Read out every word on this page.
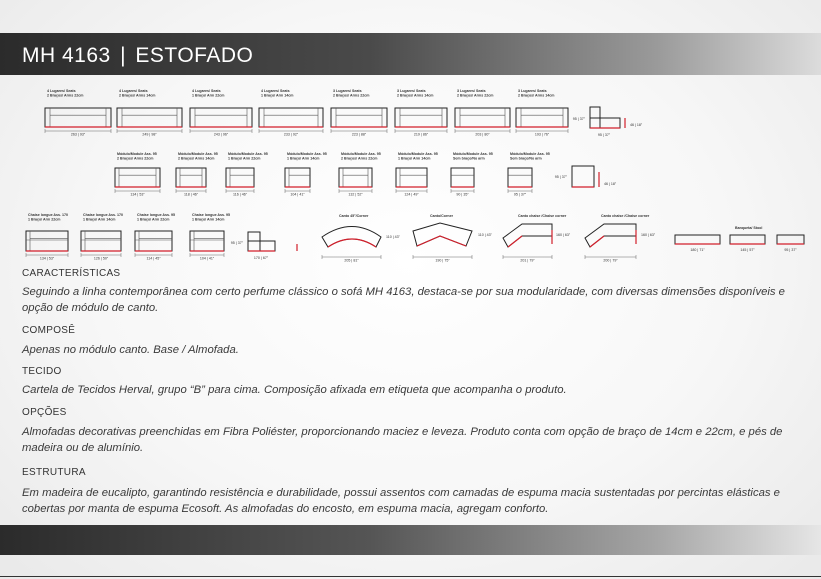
MH 4163 | ESTOFADO
4 Lugares/ Seats
2 Braços/ Arms 22cm
263 | 93"
4 Lugares/ Seats
2 Braços/ Arms 14cm
249 | 98"
4 Lugares/ Seats
1 Braço/ Arm 22cm
243 | 96"
4 Lugares/ Seats
1 Braço/ Arm 14cm
233 | 92"
3 Lugares/ Seats
2 Braços/ Arms 22cm
223 | 88"
3 Lugares/ Seats
2 Braços/ Arms 14cm
219 | 86"
3 Lugares/ Seats
2 Braços/ Arms 22cm
203 | 80"
3 Lugares/ Seats
2 Braços/ Arms 14cm
193 | 76"
95 | 37"
95 | 37"
46 | 18"
Módulo/Module Ass. 95
2 Braços/ Arms 22cm
134 | 53"
Módulo/Module Ass. 95
2 Braços/ Arms 14cm
118 | 46"
Módulo/Module Ass. 95
1 Braço/ Arm 22cm
116 | 46"
Módulo/Module Ass. 95
1 Braço/ Arm 14cm
104 | 41"
Módulo/Module Ass. 95
2 Braços/ Arms 22cm
132 | 52"
Módulo/Module Ass. 95
1 Braço/ Arm 14cm
124 | 49"
Módulo/Module Ass. 95
Sem braço/No arm
90 | 35"
Módulo/Module Ass. 95
Sem braço/No arm
95 | 37"
95 | 37"
46 | 18"
Chaise longue Ass. 170
1 Braço/ Arm 22cm
134 | 53"
Chaise longue Ass. 170
1 Braço/ Arm 14cm
126 | 50"
Chaise longue Ass. 95
1 Braço/ Arm 22cm
114 | 45"
Chaise longue Ass. 95
1 Braço/ Arm 14cm
104 | 41"
95 | 37"
170 | 67"
Canto 45°/Corner
110 | 43"
205 | 81"
Canto/Corner
110 | 43"
190 | 75"
Canto chaise /Chaise corner
160 | 63"
201 | 79"
Canto chaise /Chaise corner
160 | 63"
200 | 79"
Banqueta/ Stool
180 | 71"	145 | 57"	95 | 37"
CARACTERÍSTICAS
Seguindo a linha contemporânea com certo perfume clássico o sofá MH 4163, destaca-se por sua modularidade, com diversas dimensões disponíveis e opção de módulo de canto.
COMPOSÊ
Apenas no módulo canto. Base / Almofada.
TECIDO
Cartela de Tecidos Herval, grupo “B” para cima. Composição afixada em etiqueta que acompanha o produto.
OPÇÕES
Almofadas decorativas preenchidas em Fibra Poliéster, proporcionando maciez e leveza. Produto conta com opção de braço de 14cm e 22cm, e pés de madeira ou de alumínio.
ESTRUTURA
Em madeira de eucalipto, garantindo resistência e durabilidade, possui assentos com camadas de espuma macia sustentadas por percintas elásticas e cobertas por manta de espuma Ecosoft. As almofadas do encosto, em espuma macia, agregam conforto.
